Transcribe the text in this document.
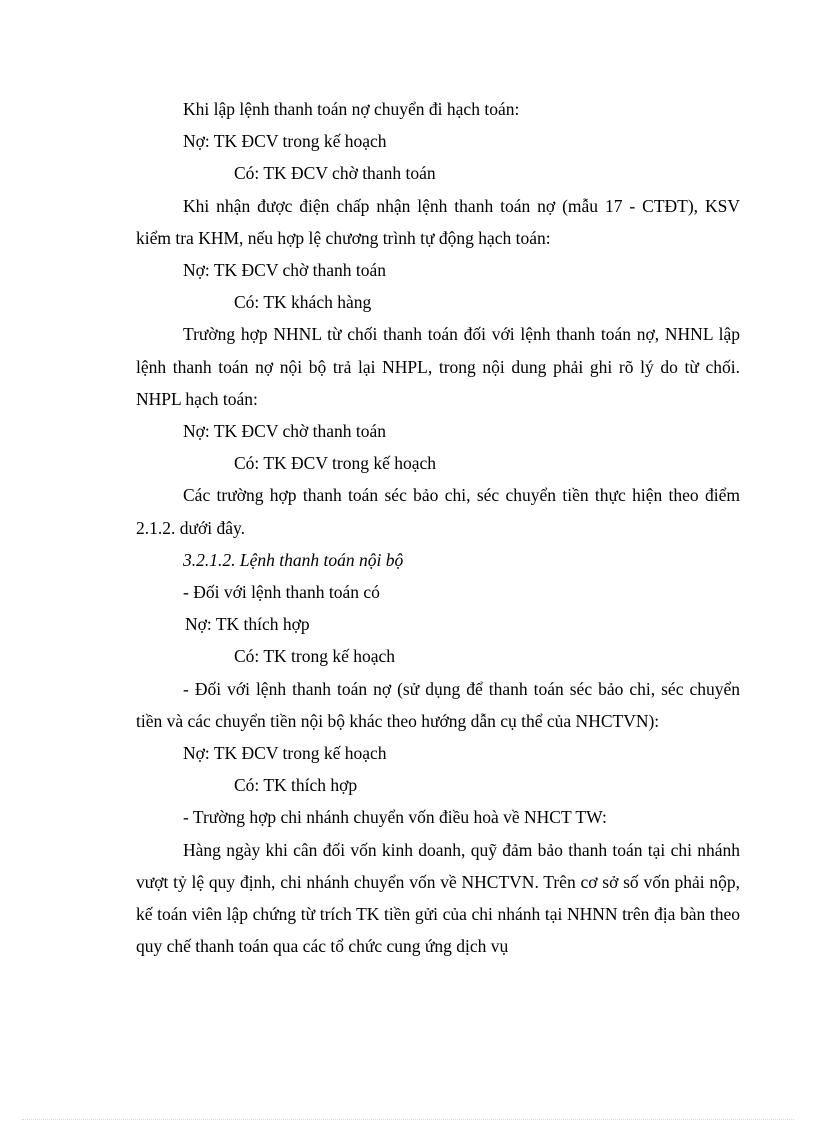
Khi lập lệnh thanh toán nợ chuyển đi hạch toán:

Nợ: TK ĐCV trong kế hoạch

Có: TK ĐCV chờ thanh toán

Khi nhận được điện chấp nhận lệnh thanh toán nợ (mẫu 17 - CTĐT), KSV kiểm tra KHM, nếu hợp lệ chương trình tự động hạch toán:

Nợ: TK ĐCV chờ thanh toán

Có: TK khách hàng

Trường hợp NHNL từ chối thanh toán đối với lệnh thanh toán nợ, NHNL lập lệnh thanh toán nợ nội bộ trả lại NHPL, trong nội dung phải ghi rõ lý do từ chối. NHPL hạch toán:

Nợ: TK ĐCV chờ thanh toán

Có: TK ĐCV trong kế hoạch

Các trường hợp thanh toán séc bảo chi, séc chuyển tiền thực hiện theo điểm 2.1.2. dưới đây.

3.2.1.2. Lệnh thanh toán nội bộ

- Đối với lệnh thanh toán có

Nợ: TK thích hợp

Có: TK trong kế hoạch

- Đối với lệnh thanh toán nợ (sử dụng để thanh toán séc bảo chi, séc chuyển tiền và các chuyển tiền nội bộ khác theo hướng dẫn cụ thể của NHCTVN):

Nợ: TK ĐCV trong kế hoạch

Có: TK thích hợp

- Trường hợp chi nhánh chuyển vốn điều hoà về NHCT TW:

Hàng ngày khi cân đối vốn kinh doanh, quỹ đảm bảo thanh toán tại chi nhánh vượt tỷ lệ quy định, chi nhánh chuyển vốn về NHCTVN. Trên cơ sở số vốn phải nộp, kế toán viên lập chứng từ trích TK tiền gửi của chi nhánh tại NHNN trên địa bàn theo quy chế thanh toán qua các tổ chức cung ứng dịch vụ
